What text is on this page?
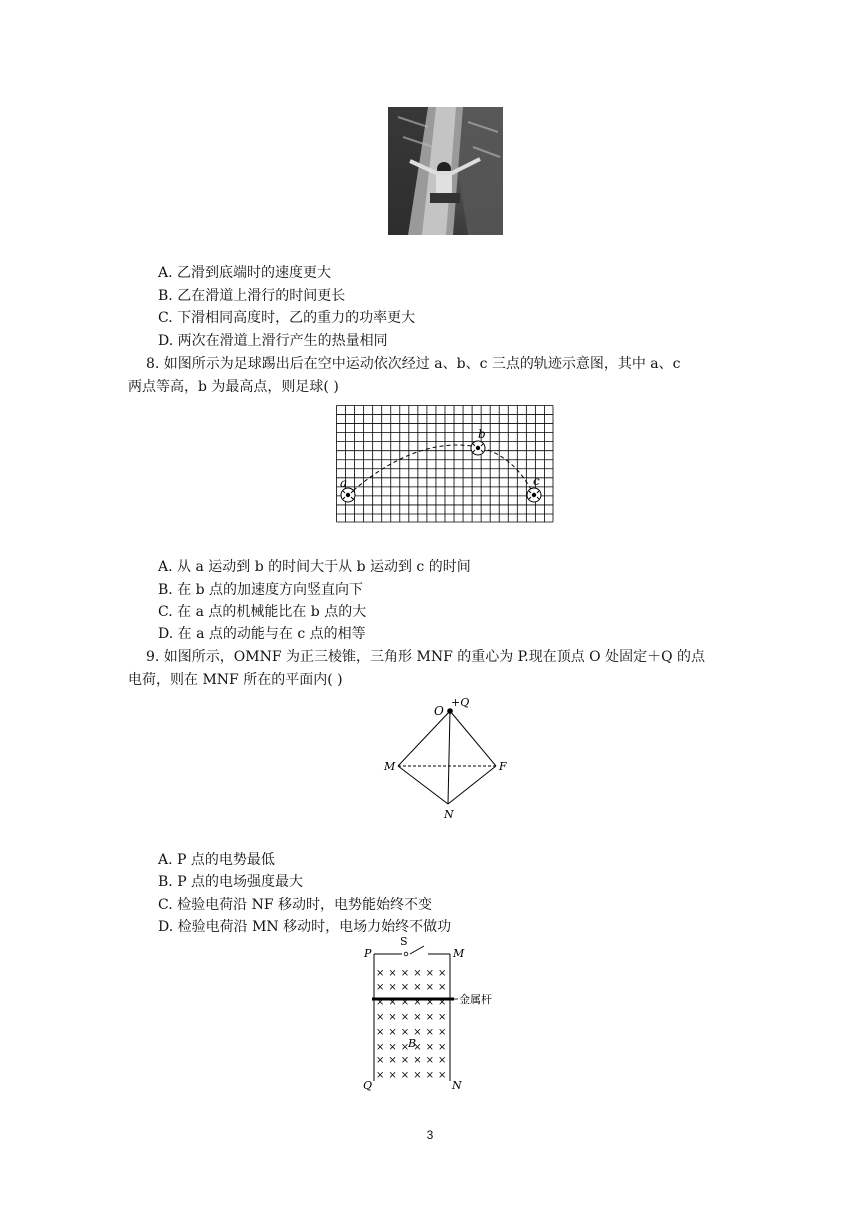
A. 乙滑到底端时的速度更大
B. 乙在滑道上滑行的时间更长
C. 下滑相同高度时，乙的重力的功率更大
D. 两次在滑道上滑行产生的热量相同
8. 如图所示为足球踢出后在空中运动依次经过 a、b、c 三点的轨迹示意图，其中 a、c
两点等高，b 为最高点，则足球( )
a
b
c
A. 从 a 运动到 b 的时间大于从 b 运动到 c 的时间
B. 在 b 点的加速度方向竖直向下
C. 在 a 点的机械能比在 b 点的大
D. 在 a 点的动能与在 c 点的相等
9. 如图所示，OMNF 为正三棱锥，三角形 MNF 的重心为 P.现在顶点 O 处固定＋Q 的点
电荷，则在 MNF 所在的平面内( )
O
+Q
M	F
N
A. P 点的电势最低
B. P 点的电场强度最大
C. 检验电荷沿 NF 移动时，电势能始终不变
D. 检验电荷沿 MN 移动时，电场力始终不做功
× × × × × ×
× × × × × ×
× × × × × ×
× × × × × ×
× × × × × ×
× × × × × ×
× × × × × ×
× × × × × ×
P
S
M
金属杆
B
Q	N
3
